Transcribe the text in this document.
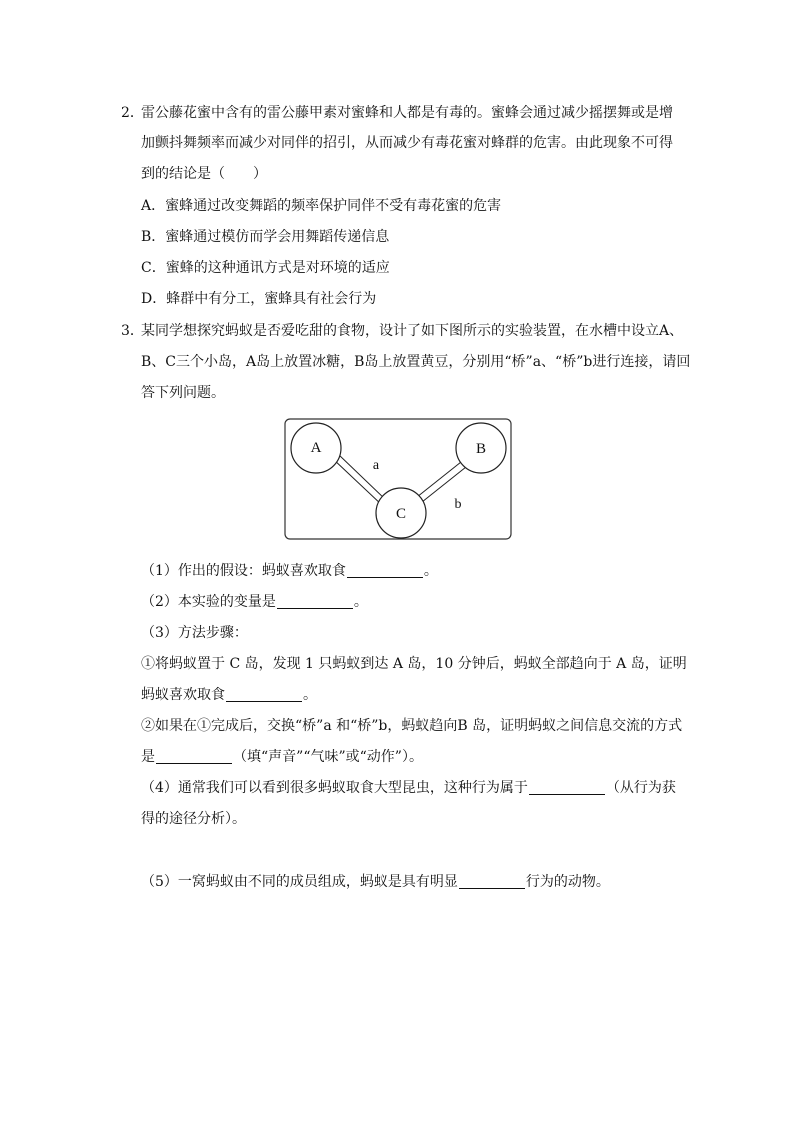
2．
雷公藤花蜜中含有的雷公藤甲素对蜜蜂和人都是有毒的。蜜蜂会通过减少摇摆舞或是增
加颤抖舞频率而减少对同伴的招引，从而减少有毒花蜜对蜂群的危害。由此现象不可得
到的结论是（　　）
A．蜜蜂通过改变舞蹈的频率保护同伴不受有毒花蜜的危害
B．蜜蜂通过模仿而学会用舞蹈传递信息
C．蜜蜂的这种通讯方式是对环境的适应
D．蜂群中有分工，蜜蜂具有社会行为
3．
某同学想探究蚂蚁是否爱吃甜的食物，设计了如下图所示的实验装置，在水槽中设立A、
B、C三个小岛，A岛上放置冰糖，B岛上放置黄豆，分别用“桥”a、“桥”b进行连接，请回
答下列问题。
A	B
C
a
b
（1）作出的假设：蚂蚁喜欢取食	。
（2）本实验的变量是	。
（3）方法步骤：
①将蚂蚁置于 C 岛，发现 1 只蚂蚁到达 A 岛，10 分钟后，蚂蚁全部趋向于 A 岛，证明
蚂蚁喜欢取食	。
②如果在①完成后，交换“桥”a 和“桥”b，蚂蚁趋向B 岛，证明蚂蚁之间信息交流的方式
是	（填“声音”“气味”或“动作”）。
（4）通常我们可以看到很多蚂蚁取食大型昆虫，这种行为属于	（从行为获
得的途径分析）。
（5）一窝蚂蚁由不同的成员组成，蚂蚁是具有明显	行为的动物。
